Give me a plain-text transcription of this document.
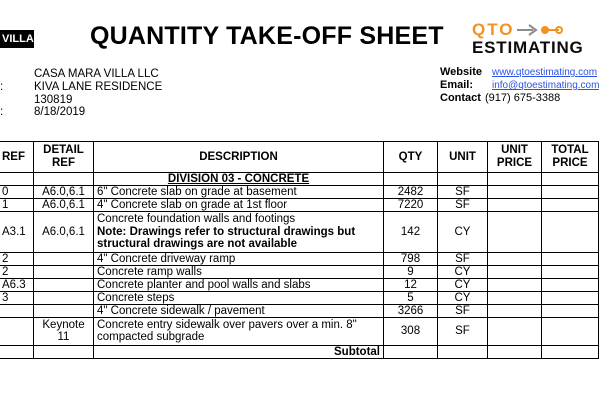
VILLA QUANTITY TAKE-OFF SHEET QTO
ESTIMATING
:
:
CASA MARA VILLA LLC
KIVA LANE RESIDENCE
130819
8/18/2019
Website www.qtoestimating.com
Email: info@qtoestimating.com
Contact (917) 675-3388
REF	DETAIL REF	DESCRIPTION	QTY	UNIT	UNIT PRICE	TOTAL PRICE
		DIVISION 03 - CONCRETE				
0	A6.0,6.1	6" Concrete slab on grade at basement	2482	SF		
1	A6.0,6.1	4" Concrete slab on grade at 1st floor	7220	SF		
A3.1	A6.0,6.1	Concrete foundation walls and footings
Note: Drawings refer to structural drawings but structural drawings are not available	142	CY		
2		4" Concrete driveway ramp	798	SF		
2		Concrete ramp walls	9	CY		
A6.3		Concrete planter and pool walls and slabs	12	CY		
3		Concrete steps	5	CY		
		4" Concrete sidewalk / pavement	3266	SF		
	Keynote 11	Concrete entry sidewalk over pavers over a min. 8" compacted subgrade	308	SF		
		Subtotal				
